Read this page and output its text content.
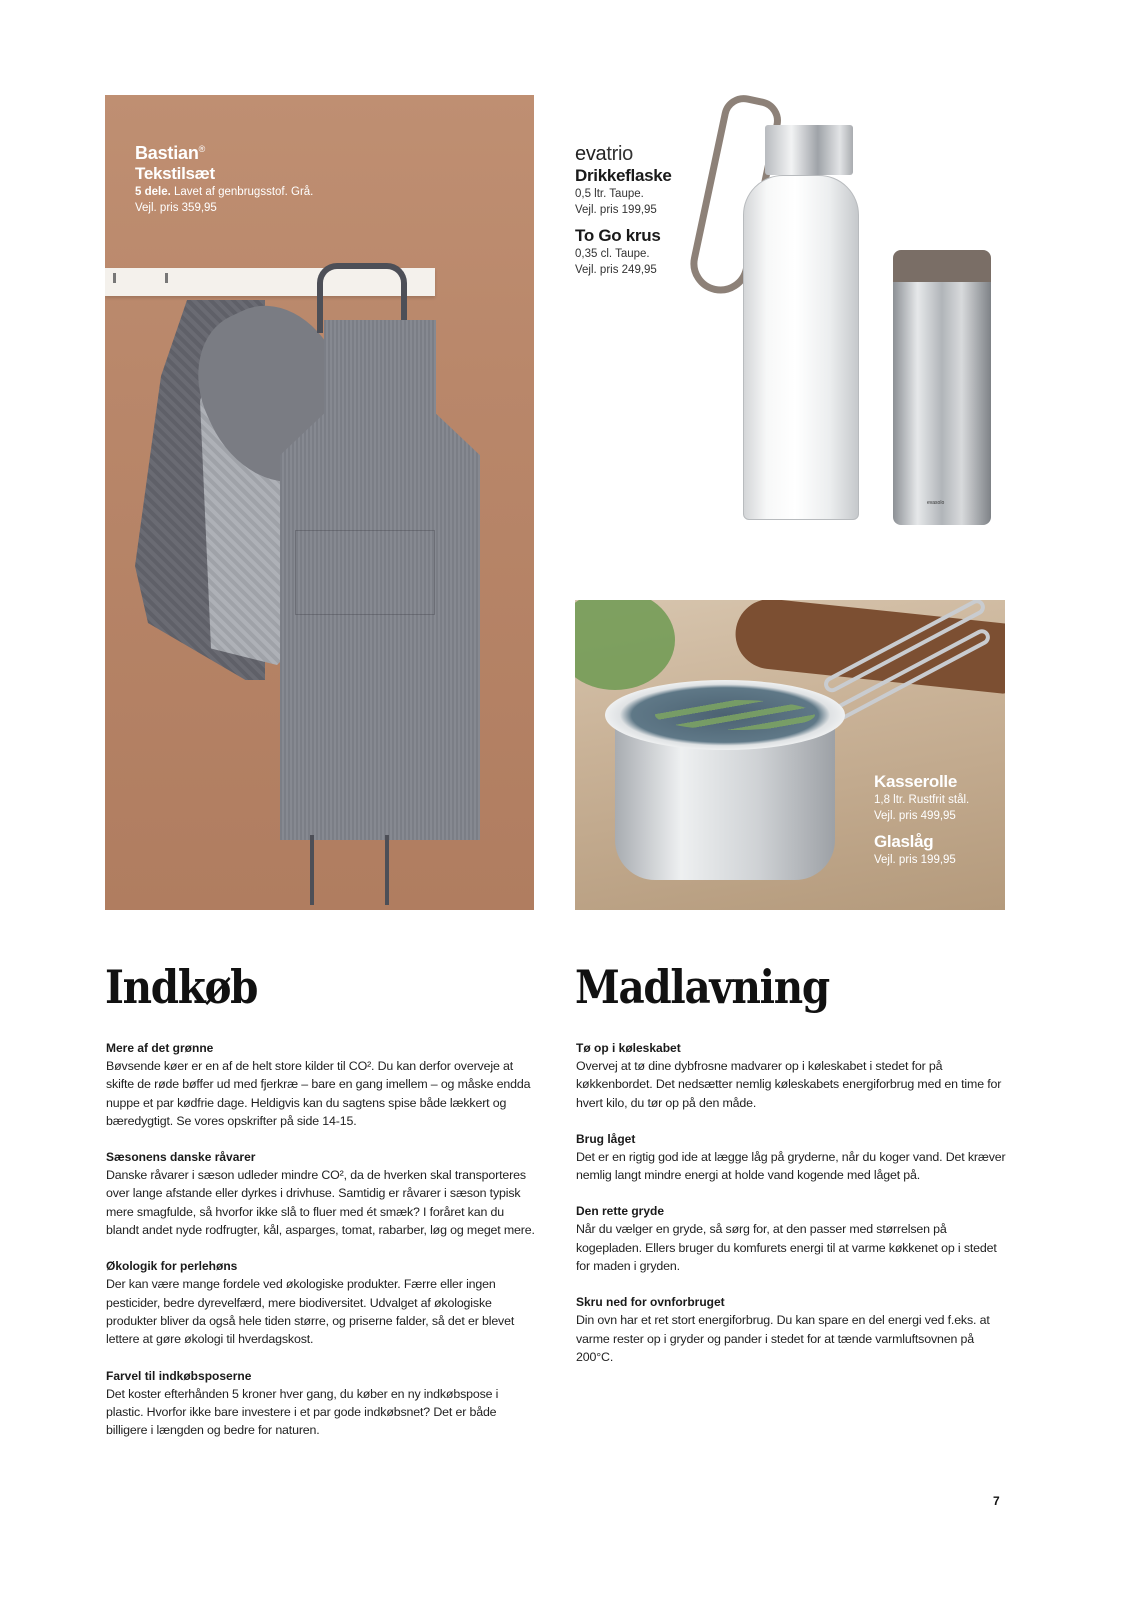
Bastian®
Tekstilsæt
5 dele. Lavet af genbrugsstof. Grå.
Vejl. pris 359,95
evasolo
evatrio
Drikkeflaske
0,5 ltr. Taupe.
Vejl. pris 199,95
To Go krus
0,35 cl. Taupe.
Vejl. pris 249,95
Kasserolle
1,8 ltr. Rustfrit stål.
Vejl. pris 499,95
Glaslåg
Vejl. pris 199,95
Indkøb	Madlavning
Mere af det grønne
Bøvsende køer er en af de helt store kilder til CO². Du kan derfor overveje at skifte de røde bøffer ud med fjerkræ – bare en gang imellem – og måske endda nuppe et par kødfrie dage. Heldigvis kan du sagtens spise både lækkert og bæredygtigt. Se vores opskrifter på side 14-15.
Sæsonens danske råvarer
Danske råvarer i sæson udleder mindre CO², da de hverken skal transporteres over lange afstande eller dyrkes i drivhuse. Samtidig er råvarer i sæson typisk mere smagfulde, så hvorfor ikke slå to fluer med ét smæk? I foråret kan du blandt andet nyde rodfrugter, kål, asparges, tomat, rabarber, løg og meget mere.
Økologik for perlehøns
Der kan være mange fordele ved økologiske produkter. Færre eller ingen pesticider, bedre dyrevelfærd, mere biodiversitet. Udvalget af økologiske produkter bliver da også hele tiden større, og priserne falder, så det er blevet lettere at gøre økologi til hverdagskost.
Farvel til indkøbsposerne
Det koster efterhånden 5 kroner hver gang, du køber en ny indkøbspose i plastic. Hvorfor ikke bare investere i et par gode indkøbsnet? Det er både billigere i længden og bedre for naturen.
Tø op i køleskabet
Overvej at tø dine dybfrosne madvarer op i køleskabet i stedet for på køkkenbordet. Det nedsætter nemlig køleskabets energiforbrug med en time for hvert kilo, du tør op på den måde.
Brug låget
Det er en rigtig god ide at lægge låg på gryderne, når du koger vand. Det kræver nemlig langt mindre energi at holde vand kogende med låget på.
Den rette gryde
Når du vælger en gryde, så sørg for, at den passer med størrelsen på kogepladen. Ellers bruger du komfurets energi til at varme køkkenet op i stedet for maden i gryden.
Skru ned for ovnforbruget
Din ovn har et ret stort energiforbrug. Du kan spare en del energi ved f.eks. at varme rester op i gryder og pander i stedet for at tænde varmluftsovnen på 200°C.
7
